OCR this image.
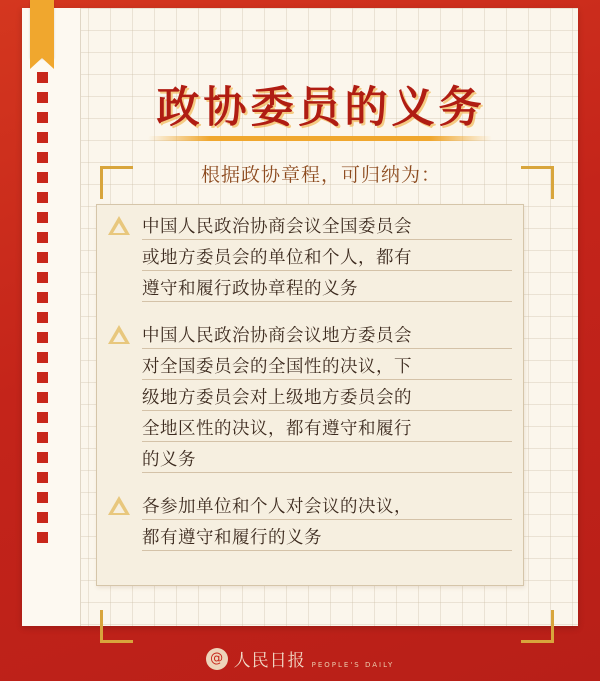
政协委员的义务
根据政协章程，可归纳为：
中国人民政治协商会议全国委员会
或地方委员会的单位和个人，都有
遵守和履行政协章程的义务
中国人民政治协商会议地方委员会
对全国委员会的全国性的决议，下
级地方委员会对上级地方委员会的
全地区性的决议，都有遵守和履行
的义务
各参加单位和个人对会议的决议，
都有遵守和履行的义务
@ 人民日报 PEOPLE'S DAILY
